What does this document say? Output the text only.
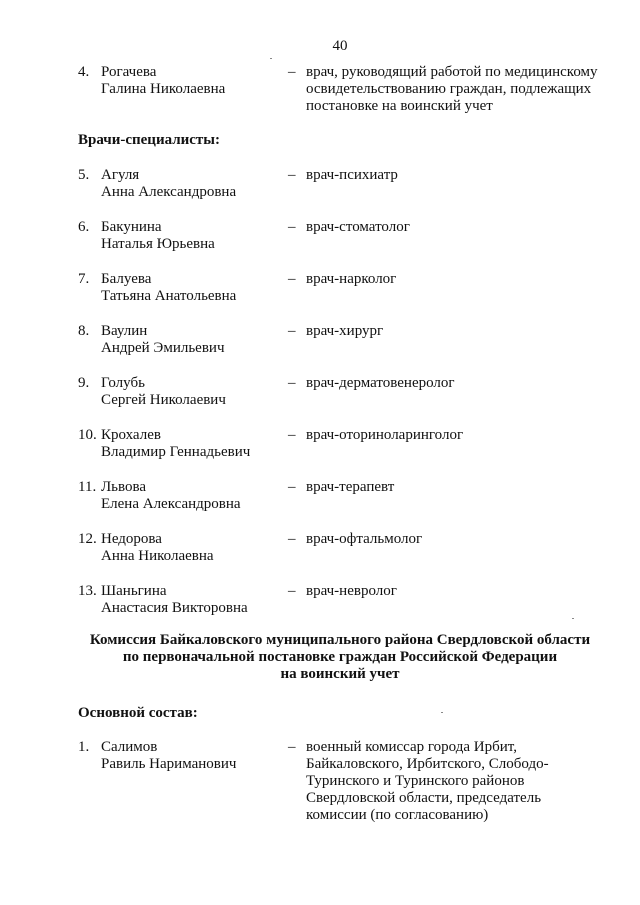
40
4. Рогачева
Галина Николаевна
– врач, руководящий работой по медицинскому
освидетельствованию граждан, подлежащих
постановке на воинский учет
Врачи-специалисты:
5. Агуля
Анна Александровна
– врач-психиатр
6. Бакунина
Наталья Юрьевна
– врач-стоматолог
7. Балуева
Татьяна Анатольевна
– врач-нарколог
8. Ваулин
Андрей Эмильевич
– врач-хирург
9. Голубь
Сергей Николаевич
– врач-дерматовенеролог
10. Крохалев
Владимир Геннадьевич
– врач-оториноларинголог
11. Львова
Елена Александровна
– врач-терапевт
12. Недорова
Анна Николаевна
– врач-офтальмолог
13. Шаньгина
Анастасия Викторовна
– врач-невролог
Комиссия Байкаловского муниципального района Свердловской области
по первоначальной постановке граждан Российской Федерации
на воинский учет
Основной состав:
1. Салимов
Равиль Нариманович
– военный комиссар города Ирбит,
Байкаловского, Ирбитского, Слободо-
Туринского и Туринского районов
Свердловской области, председатель
комиссии (по согласованию)
